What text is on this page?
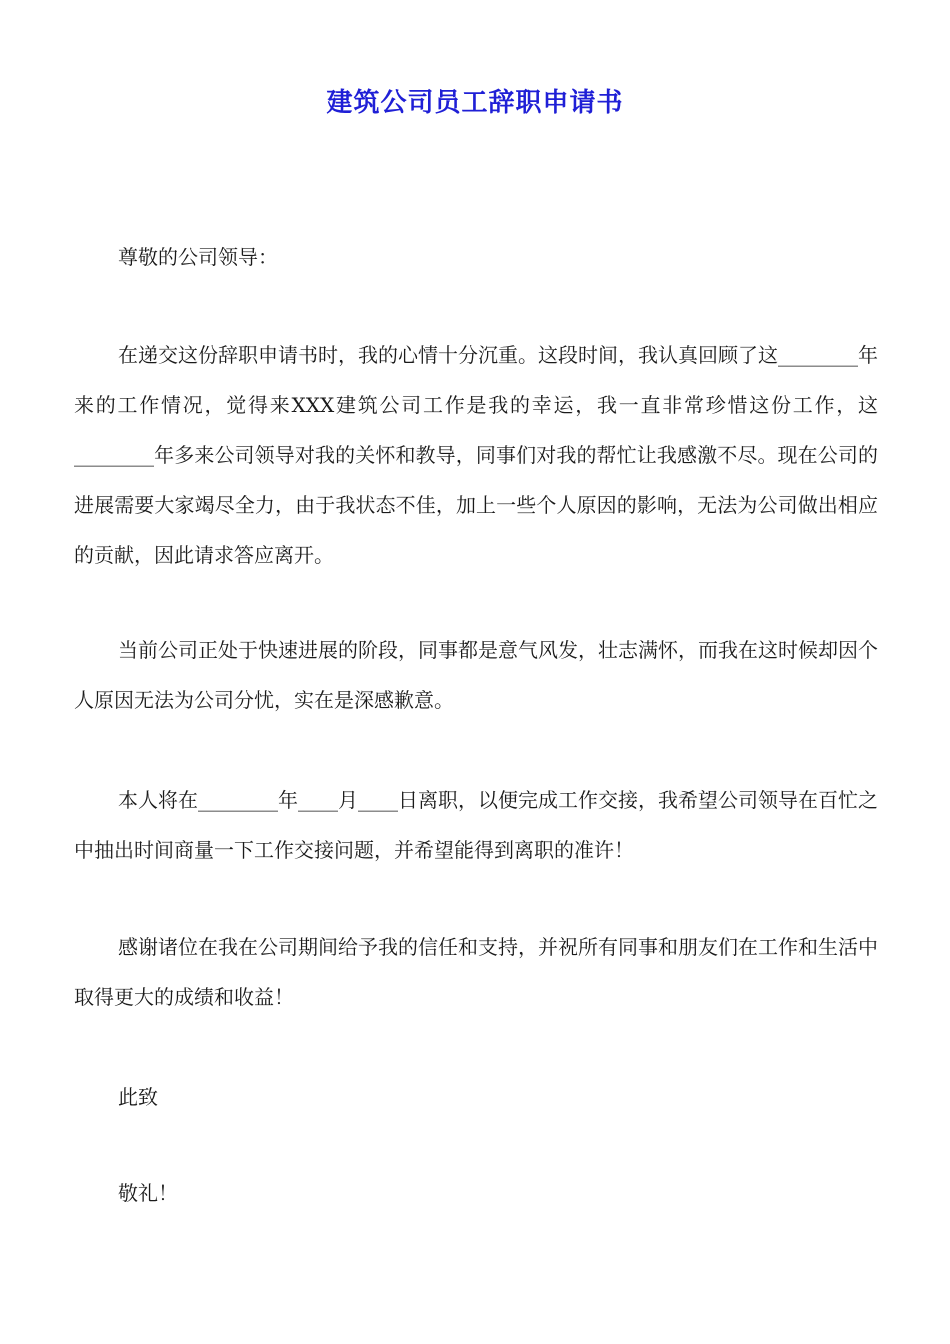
建筑公司员工辞职申请书

尊敬的公司领导：

在递交这份辞职申请书时，我的心情十分沉重。这段时间，我认真回顾了这________年来的工作情况，觉得来XXX建筑公司工作是我的幸运，我一直非常珍惜这份工作，这________年多来公司领导对我的关怀和教导，同事们对我的帮忙让我感激不尽。现在公司的进展需要大家竭尽全力，由于我状态不佳，加上一些个人原因的影响，无法为公司做出相应的贡献，因此请求答应离开。

当前公司正处于快速进展的阶段，同事都是意气风发，壮志满怀，而我在这时候却因个人原因无法为公司分忧，实在是深感歉意。

本人将在________年____月____日离职，以便完成工作交接，我希望公司领导在百忙之中抽出时间商量一下工作交接问题，并希望能得到离职的准许！

感谢诸位在我在公司期间给予我的信任和支持，并祝所有同事和朋友们在工作和生活中取得更大的成绩和收益！

此致

敬礼！
